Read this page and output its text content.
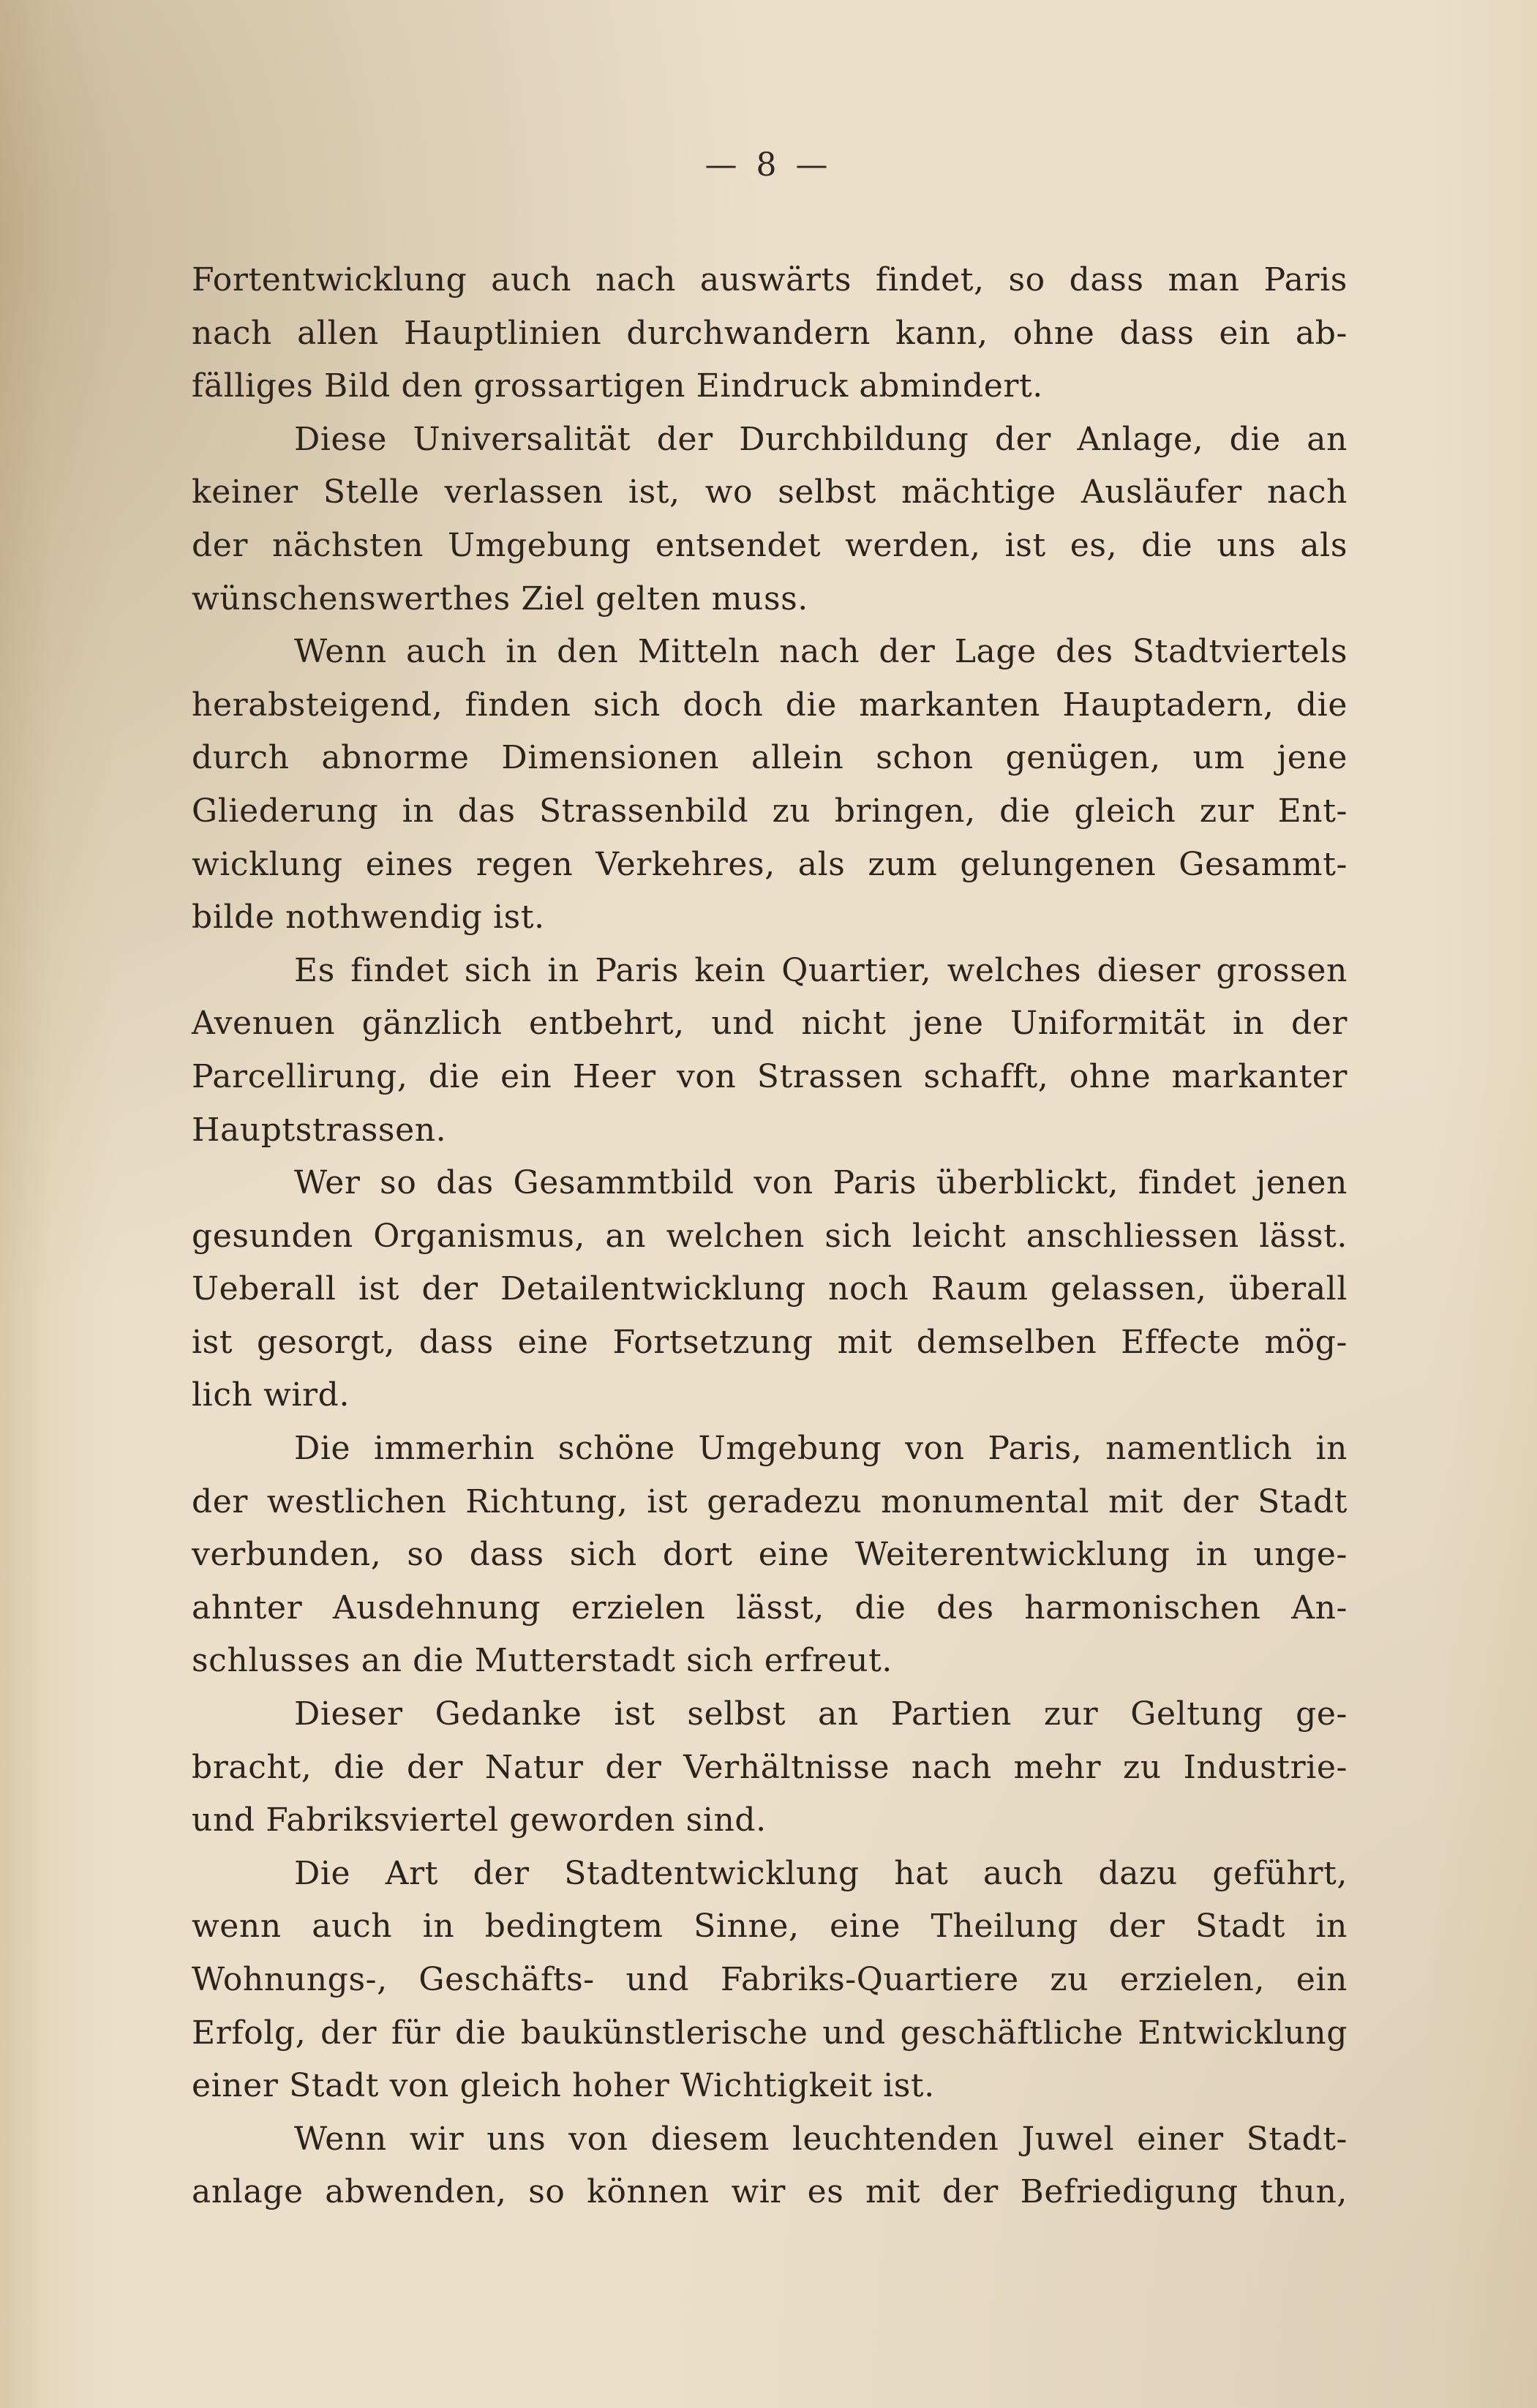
— 8 —
Fortentwicklung auch nach auswärts findet, so dass man Paris
nach allen Hauptlinien durchwandern kann, ohne dass ein ab-
fälliges Bild den grossartigen Eindruck abmindert.
Diese Universalität der Durchbildung der Anlage, die an
keiner Stelle verlassen ist, wo selbst mächtige Ausläufer nach
der nächsten Umgebung entsendet werden, ist es, die uns als
wünschenswerthes Ziel gelten muss.
Wenn auch in den Mitteln nach der Lage des Stadtviertels
herabsteigend, finden sich doch die markanten Hauptadern, die
durch abnorme Dimensionen allein schon genügen, um jene
Gliederung in das Strassenbild zu bringen, die gleich zur Ent-
wicklung eines regen Verkehres, als zum gelungenen Gesammt-
bilde nothwendig ist.
Es findet sich in Paris kein Quartier, welches dieser grossen
Avenuen gänzlich entbehrt, und nicht jene Uniformität in der
Parcellirung, die ein Heer von Strassen schafft, ohne markanter
Hauptstrassen.
Wer so das Gesammtbild von Paris überblickt, findet jenen
gesunden Organismus, an welchen sich leicht anschliessen lässt.
Ueberall ist der Detailentwicklung noch Raum gelassen, überall
ist gesorgt, dass eine Fortsetzung mit demselben Effecte mög-
lich wird.
Die immerhin schöne Umgebung von Paris, namentlich in
der westlichen Richtung, ist geradezu monumental mit der Stadt
verbunden, so dass sich dort eine Weiterentwicklung in unge-
ahnter Ausdehnung erzielen lässt, die des harmonischen An-
schlusses an die Mutterstadt sich erfreut.
Dieser Gedanke ist selbst an Partien zur Geltung ge-
bracht, die der Natur der Verhältnisse nach mehr zu Industrie-
und Fabriksviertel geworden sind.
Die Art der Stadtentwicklung hat auch dazu geführt,
wenn auch in bedingtem Sinne, eine Theilung der Stadt in
Wohnungs-, Geschäfts- und Fabriks-Quartiere zu erzielen, ein
Erfolg, der für die baukünstlerische und geschäftliche Entwicklung
einer Stadt von gleich hoher Wichtigkeit ist.
Wenn wir uns von diesem leuchtenden Juwel einer Stadt-
anlage abwenden, so können wir es mit der Befriedigung thun,
